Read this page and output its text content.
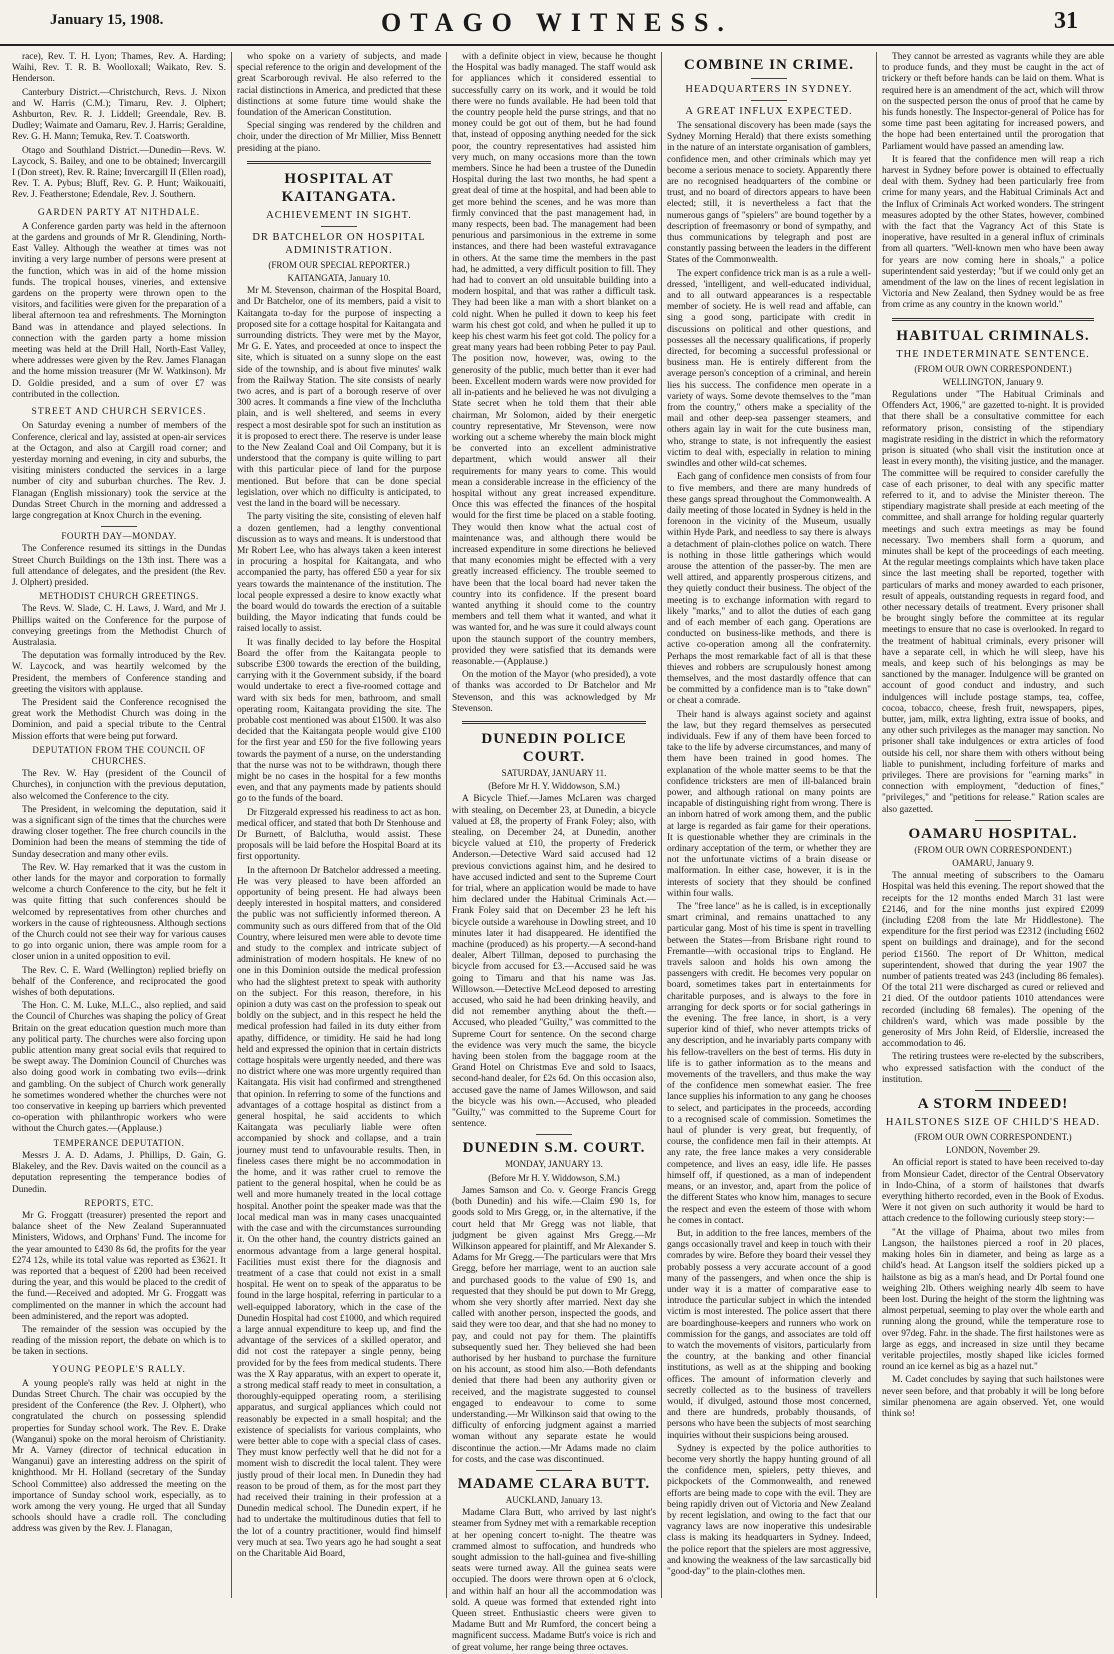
January 15, 1908.	OTAGO WITNESS.	31

race), Rev. T. H. Lyon; Thames, Rev. A. Harding; Waihi, Rev. T. R. B. Woolloxall; Waikato, Rev. S. Henderson.

Canterbury District.—Christchurch, Revs. J. Nixon and W. Harris (C.M.); Timaru, Rev. J. Olphert; Ashburton, Rev. R. J. Liddell; Greendale, Rev. B. Dudley; Waimate and Oamaru, Rev. J. Harris; Geraldine, Rev. G. H. Mann; Temuka, Rev. T. Coatsworth.

Otago and Southland District.—Dunedin—Revs. W. Laycock, S. Bailey, and one to be obtained; Invercargill I (Don street), Rev. R. Raine; Invercargill II (Ellen road), Rev. T. A. Pybus; Bluff, Rev. G. P. Hunt; Waikouaiti, Rev. J. Featherstone; Edendale, Rev. J. Southern.

GARDEN PARTY AT NITHDALE.

A Conference garden party was held in the afternoon at the gardens and grounds of Mr R. Glendining, North-East Valley. Although the weather at times was not inviting a very large number of persons were present at the function, which was in aid of the home mission funds. The tropical houses, vineries, and extensive gardens on the property were thrown open to the visitors, and facilities were given for the preparation of a liberal afternoon tea and refreshments. The Mornington Band was in attendance and played selections. In connection with the garden party a home mission meeting was held at the Drill Hall, North-East Valley, where addresses were given by the Rev. James Flanagan and the home mission treasurer (Mr W. Watkinson). Mr D. Goldie presided, and a sum of over £7 was contributed in the collection.

STREET AND CHURCH SERVICES.

On Saturday evening a number of members of the Conference, clerical and lay, assisted at open-air services at the Octagon, and also at Cargill road corner; and yesterday morning and evening, in city and suburbs, the visiting ministers conducted the services in a large number of city and suburban churches. The Rev. J. Flanagan (English missionary) took the service at the Dundas Street Church in the morning and addressed a large congregation at Knox Church in the evening.

FOURTH DAY—MONDAY.

The Conference resumed its sittings in the Dundas Street Church Buildings on the 13th inst. There was a full attendance of delegates, and the president (the Rev. J. Olphert) presided.

METHODIST CHURCH GREETINGS.

The Revs. W. Slade, C. H. Laws, J. Ward, and Mr J. Phillips waited on the Conference for the purpose of conveying greetings from the Methodist Church of Australasia.

The deputation was formally introduced by the Rev. W. Laycock, and was heartily welcomed by the President, the members of Conference standing and greeting the visitors with applause.

The President said the Conference recognised the great work the Methodist Church was doing in the Dominion, and paid a special tribute to the Central Mission efforts that were being put forward.

DEPUTATION FROM THE COUNCIL OF CHURCHES.

The Rev. W. Hay (president of the Council of Churches), in conjunction with the previous deputation, also welcomed the Conference to the city.

The President, in welcoming the deputation, said it was a significant sign of the times that the churches were drawing closer together. The free church councils in the Dominion had been the means of stemming the tide of Sunday desecration and many other evils.

The Rev. W. Hay remarked that it was the custom in other lands for the mayor and corporation to formally welcome a church Conference to the city, but he felt it was quite fitting that such conferences should be welcomed by representatives from other churches and workers in the cause of righteousness. Although sections of the Church could not see their way for various causes to go into organic union, there was ample room for a closer union in a united opposition to evil.

The Rev. C. E. Ward (Wellington) replied briefly on behalf of the Conference, and reciprocated the good wishes of both deputations.

The Hon. C. M. Luke, M.L.C., also replied, and said the Council of Churches was shaping the policy of Great Britain on the great education question much more than any political party. The churches were also forcing upon public attention many great social evils that required to be swept away. The Dominion Council of Churches was also doing good work in combating two evils—drink and gambling. On the subject of Church work generally he sometimes wondered whether the churches were not too conservative in keeping up barriers which prevented co-operation with philanthropic workers who were without the Church gates.—(Applause.)

TEMPERANCE DEPUTATION.

Messrs J. A. D. Adams, J. Phillips, D. Gain, G. Blakeley, and the Rev. Davis waited on the council as a deputation representing the temperance bodies of Dunedin.

REPORTS, ETC.

Mr G. Froggatt (treasurer) presented the report and balance sheet of the New Zealand Superannuated Ministers, Widows, and Orphans' Fund. The income for the year amounted to £430 8s 6d, the profits for the year £274 12s, while its total value was reported as £3621. It was reported that a bequest of £200 had been received during the year, and this would be placed to the credit of the fund.—Received and adopted. Mr G. Froggatt was complimented on the manner in which the account had been administered, and the report was adopted.

The remainder of the session was occupied by the reading of the mission report, the debate on which is to be taken in sections.

YOUNG PEOPLE'S RALLY.

A young people's rally was held at night in the Dundas Street Church. The chair was occupied by the president of the Conference (the Rev. J. Olphert), who congratulated the church on possessing splendid properties for Sunday school work. The Rev. E. Drake (Wanganui) spoke on the moral heroism of Christianity. Mr A. Varney (director of technical education in Wanganui) gave an interesting address on the spirit of knighthood. Mr H. Holland (secretary of the Sunday School Committee) also addressed the meeting on the importance of Sunday school work, especially, as to work among the very young. He urged that all Sunday schools should have a cradle roll. The concluding address was given by the Rev. J. Flanagan,

who spoke on a variety of subjects, and made special reference to the origin and development of the great Scarborough revival. He also referred to the racial distinctions in America, and predicted that these distinctions at some future time would shake the foundation of the American Constitution.

Special singing was rendered by the children and choir, under the direction of Mr Millier, Miss Bennett presiding at the piano.

HOSPITAL AT KAITANGATA.
ACHIEVEMENT IN SIGHT.
DR BATCHELOR ON HOSPITAL ADMINISTRATION.
(FROM OUR SPECIAL REPORTER.)
KAITANGATA, January 10.

Mr M. Stevenson, chairman of the Hospital Board, and Dr Batchelor, one of its members, paid a visit to Kaitangata to-day for the purpose of inspecting a proposed site for a cottage hospital for Kaitangata and surrounding districts. They were met by the Mayor, Mr G. E. Yates, and proceeded at once to inspect the site, which is situated on a sunny slope on the east side of the township, and is about five minutes' walk from the Railway Station. The site consists of nearly two acres, and is part of a borough reserve of over 300 acres. It commands a fine view of the Inchclutha plain, and is well sheltered, and seems in every respect a most desirable spot for such an institution as it is proposed to erect there. The reserve is under lease to the New Zealand Coal and Oil Company, but it is understood that the company is quite willing to part with this particular piece of land for the purpose mentioned. But before that can be done special legislation, over which no difficulty is anticipated, to vest the land in the board will be necessary.

The party visiting the site, consisting of eleven half a dozen gentlemen, had a lengthy conventional discussion as to ways and means. It is understood that Mr Robert Lee, who has always taken a keen interest in procuring a hospital for Kaitangata, and who accompanied the party, has offered £50 a year for six years towards the maintenance of the institution. The local people expressed a desire to know exactly what the board would do towards the erection of a suitable building, the Mayor indicating that funds could be raised locally to assist.

It was finally decided to lay before the Hospital Board the offer from the Kaitangata people to subscribe £300 towards the erection of the building, carrying with it the Government subsidy, if the board would undertake to erect a five-roomed cottage and ward with six beds for men, bathroom, and small operating room, Kaitangata providing the site. The probable cost mentioned was about £1500. It was also decided that the Kaitangata people would give £100 for the first year and £50 for the five following years towards the payment of a nurse, on the understanding that the nurse was not to be withdrawn, though there might be no cases in the hospital for a few months even, and that any payments made by patients should go to the funds of the board.

Dr Fitzgerald expressed his readiness to act as hon. medical officer, and stated that both Dr Stenhouse and Dr Burnett, of Balclutha, would assist. These proposals will be laid before the Hospital Board at its first opportunity.

In the afternoon Dr Batchelor addressed a meeting. He was very pleased to have been afforded an opportunity of being present. He had always been deeply interested in hospital matters, and considered the public was not sufficiently informed thereon. A community such as ours differed from that of the Old Country, where leisured men were able to devote time and study to the complex and intricate subject of administration of modern hospitals. He knew of no one in this Dominion outside the medical profession who had the slightest pretext to speak with authority on the subject. For this reason, therefore, in his opinion a duty was cast on the profession to speak out boldly on the subject, and in this respect he held the medical profession had failed in its duty either from apathy, diffidence, or timidity. He said he had long held and expressed the opinion that in certain districts cottage hospitals were urgently needed, and there was no district where one was more urgently required than Kaitangata. His visit had confirmed and strengthened that opinion. In referring to some of the functions and advantages of a cottage hospital as distinct from a general hospital, he said accidents to which Kaitangata was peculiarly liable were often accompanied by shock and collapse, and a train journey must tend to unfavourable results. Then, in fineless cases there might be no accommodation in the home, and it was rather cruel to remove the patient to the general hospital, when he could be as well and more humanely treated in the local cottage hospital. Another point the speaker made was that the local medical man was in many cases unacquainted with the case and with the circumstances surrounding it. On the other hand, the country districts gained an enormous advantage from a large general hospital. Facilities must exist there for the diagnosis and treatment of a case that could not exist in a small hospital. He went on to speak of the apparatus to be found in the large hospital, referring in particular to a well-equipped laboratory, which in the case of the Dunedin Hospital had cost £1000, and which required a large annual expenditure to keep up, and find the advantage of the services of a skilled operator, and did not cost the ratepayer a single penny, being provided for by the fees from medical students. There was the X Ray apparatus, with an expert to operate it, a strong medical staff ready to meet in consultation, a thoroughly-equipped operating room, a sterilising apparatus, and surgical appliances which could not reasonably be expected in a small hospital; and the existence of specialists for various complaints, who were better able to cope with a special class of cases. They must know perfectly well that he did not for a moment wish to discredit the local talent. They were justly proud of their local men. In Dunedin they had reason to be proud of them, as for the most part they had received their training in their profession at a Dunedin medical school. The Dunedin expert, if he had to undertake the multitudinous duties that fell to the lot of a country practitioner, would find himself very much at sea. Two years ago he had sought a seat on the Charitable Aid Board,

with a definite object in view, because he thought the Hospital was badly managed. The staff would ask for appliances which it considered essential to successfully carry on its work, and it would be told there were no funds available. He had been told that the country people held the purse strings, and that no money could be got out of them, but he had found that, instead of opposing anything needed for the sick poor, the country representatives had assisted him very much, on many occasions more than the town members. Since he had been a trustee of the Dunedin Hospital during the last two months, he had spent a great deal of time at the hospital, and had been able to get more behind the scenes, and he was more than firmly convinced that the past management had, in many respects, been bad. The management had been penurious and parsimonious in the extreme in some instances, and there had been wasteful extravagance in others. At the same time the members in the past had, he admitted, a very difficult position to fill. They had had to convert an old unsuitable building into a modern hospital, and that was rather a difficult task. They had been like a man with a short blanket on a cold night. When he pulled it down to keep his feet warm his chest got cold, and when he pulled it up to keep his chest warm his feet got cold. The policy for a great many years had been robbing Peter to pay Paul. The position now, however, was, owing to the generosity of the public, much better than it ever had been. Excellent modern wards were now provided for all in-patients and he believed he was not divulging a State secret when he told them that their able chairman, Mr Solomon, aided by their energetic country representative, Mr Stevenson, were now working out a scheme whereby the main block might be converted into an excellent administrative department, which would answer all their requirements for many years to come. This would mean a considerable increase in the efficiency of the hospital without any great increased expenditure. Once this was effected the finances of the hospital would for the first time be placed on a stable footing. They would then know what the actual cost of maintenance was, and although there would be increased expenditure in some directions he believed that many economies might be effected with a very greatly increased efficiency. The trouble seemed to have been that the local board had never taken the country into its confidence. If the present board wanted anything it should come to the country members and tell them what it wanted, and what it was wanted for, and he was sure it could always count upon the staunch support of the country members, provided they were satisfied that its demands were reasonable.—(Applause.)

On the motion of the Mayor (who presided), a vote of thanks was accorded to Dr Batchelor and Mr Stevenson, and this was acknowledged by Mr Stevenson.

DUNEDIN POLICE COURT.
SATURDAY, JANUARY 11.
(Before Mr H. Y. Widdowson, S.M.)

A Bicycle Thief.—James McLaren was charged with stealing, on December 23, at Dunedin, a bicycle valued at £8, the property of Frank Foley; also, with stealing, on December 24, at Dunedin, another bicycle valued at £10, the property of Frederick Anderson.—Detective Ward said accused had 12 previous convictions against him, and he desired to have accused indicted and sent to the Supreme Court for trial, where an application would be made to have him declared under the Habitual Criminals Act.—Frank Foley said that on December 23 he left his bicycle outside a warehouse in Dowling street, and 10 minutes later it had disappeared. He identified the machine (produced) as his property.—A second-hand dealer, Albert Tillman, deposed to purchasing the bicycle from accused for £3.—Accused said he was going to Timaru and that his name was Jas. Willowson.—Detective McLeod deposed to arresting accused, who said he had been drinking heavily, and did not remember anything about the theft.—Accused, who pleaded "Guilty," was committed to the Supreme Court for sentence. On the second charge the evidence was very much the same, the bicycle having been stolen from the baggage room at the Grand Hotel on Christmas Eve and sold to Isaacs, second-hand dealer, for £2s 6d. On this occasion also, accused gave the name of James Willowson, and said the bicycle was his own.—Accused, who pleaded "Guilty," was committed to the Supreme Court for sentence.

DUNEDIN S.M. COURT.
MONDAY, JANUARY 13.
(Before Mr H. Y. Widdowson, S.M.)

James Samson and Co. v. George Francis Gregg (both Dunedin) and his wife.—Claim £90 1s, for goods sold to Mrs Gregg, or, in the alternative, if the court held that Mr Gregg was not liable, that judgment be given against Mrs Gregg.—Mr Wilkinson appeared for plaintiff, and Mr Alexander S. Adams for Mr Gregg.—The particulars were that Mrs Gregg, before her marriage, went to an auction sale and purchased goods to the value of £90 1s, and requested that they should be put down to Mr Gregg, whom she very shortly after married. Next day she called with another person, inspected the goods, and said they were too dear, and that she had no money to pay, and could not pay for them. The plaintiffs subsequently sued her. They believed she had been authorised by her husband to purchase the furniture on his account, as stood him also.—Both defendants denied that there had been any authority given or received, and the magistrate suggested to counsel engaged to endeavour to come to some understanding.—Mr Wilkinson said that owing to the difficulty of enforcing judgment against a married woman without any separate estate he would discontinue the action.—Mr Adams made no claim for costs, and the case was discontinued.

MADAME CLARA BUTT.
AUCKLAND, January 13.

Madame Clara Butt, who arrived by last night's steamer from Sydney met with a remarkable reception at her opening concert to-night. The theatre was crammed almost to suffocation, and hundreds who sought admission to the hall-guinea and five-shilling seats were turned away. All the guinea seats were occupied. The doors were thrown open at 6 o'clock, and within half an hour all the accommodation was sold. A queue was formed that extended right into Queen street. Enthusiastic cheers were given to Madame Butt and Mr Rumford, the concert being a magnificent success. Madame Butt's voice is rich and of great volume, her range being three octaves.

COMBINE IN CRIME.
HEADQUARTERS IN SYDNEY.
A GREAT INFLUX EXPECTED.

The sensational discovery has been made (says the Sydney Morning Herald) that there exists something in the nature of an interstate organisation of gamblers, confidence men, and other criminals which may yet become a serious menace to society. Apparently there are no recognised headquarters of the combine or trust, and no board of directors appears to have been elected; still, it is nevertheless a fact that the numerous gangs of "spielers" are bound together by a description of freemasonry or bond of sympathy, and thus communications by telegraph and post are constantly passing between the leaders in the different States of the Commonwealth.

The expert confidence trick man is as a rule a well-dressed, 'intelligent, and well-educated individual, and to all outward appearances is a respectable member of society. He is well read and affable, can sing a good song, participate with credit in discussions on political and other questions, and possesses all the necessary qualifications, if properly directed, for becoming a successful professional or business man. He is entirely different from the average person's conception of a criminal, and herein lies his success. The confidence men operate in a variety of ways. Some devote themselves to the "man from the country," others make a speciality of the mail and other deep-sea passenger steamers, and others again lay in wait for the cute business man, who, strange to state, is not infrequently the easiest victim to deal with, especially in relation to mining swindles and other wild-cat schemes.

Each gang of confidence men consists of from four to five members, and there are many hundreds of these gangs spread throughout the Commonwealth. A daily meeting of those located in Sydney is held in the forenoon in the vicinity of the Museum, usually within Hyde Park, and needless to say there is always a detachment of plain-clothes police on watch. There is nothing in those little gatherings which would arouse the attention of the passer-by. The men are well attired, and apparently prosperous citizens, and they quietly conduct their business. The object of the meeting is to exchange information with regard to likely "marks," and to allot the duties of each gang and of each member of each gang. Operations are conducted on business-like methods, and there is active co-operation among all the confraternity. Perhaps the most remarkable fact of all is that these thieves and robbers are scrupulously honest among themselves, and the most dastardly offence that can be committed by a confidence man is to "take down" or cheat a comrade.

Their hand is always against society and against the law, but they regard themselves as persecuted individuals. Few if any of them have been forced to take to the life by adverse circumstances, and many of them have been trained in good homes. The explanation of the whole matter seems to be that the confidence tricksters are men of ill-balanced brain power, and although rational on many points are incapable of distinguishing right from wrong. There is an inborn hatred of work among them, and the public at large is regarded as fair game for their operations. It is questionable whether they are criminals in the ordinary acceptation of the term, or whether they are not the unfortunate victims of a brain disease or malformation. In either case, however, it is in the interests of society that they should be confined within four walls.

The "free lance" as he is called, is in exceptionally smart criminal, and remains unattached to any particular gang. Most of his time is spent in travelling between the States—from Brisbane right round to Fremantle—with occasional trips to England. He travels saloon and holds his own among the passengers with credit. He becomes very popular on board, sometimes takes part in entertainments for charitable purposes, and is always to the fore in arranging for deck sports or for social gatherings in the evening. The free lance, in short, is a very superior kind of thief, who never attempts tricks of any description, and he invariably parts company with his fellow-travellers on the best of terms. His duty in life is to gather information as to the means and movements of the travellers, and thus make the way of the confidence men somewhat easier. The free lance supplies his information to any gang he chooses to select, and participates in the proceeds, according to a recognised scale of commission. Sometimes the haul of plunder is very great, but frequently, of course, the confidence men fail in their attempts. At any rate, the free lance makes a very considerable competence, and lives an easy, idle life. He passes himself off, if questioned, as a man of independent means, or an investor, and, apart from the police of the different States who know him, manages to secure the respect and even the esteem of those with whom he comes in contact.

But, in addition to the free lances, members of the gangs occasionally travel and keep in touch with their comrades by wire. Before they board their vessel they probably possess a very accurate account of a good many of the passengers, and when once the ship is under way it is a matter of comparative ease to introduce the particular subject in which the intended victim is most interested. The police assert that there are boardinghouse-keepers and runners who work on commission for the gangs, and associates are told off to watch the movements of visitors, particularly from the country, at the banking and other financial institutions, as well as at the shipping and booking offices. The amount of information cleverly and secretly collected as to the business of travellers would, if divulged, astound those most concerned, and there are hundreds, probably thousands, of persons who have been the subjects of most searching inquiries without their suspicions being aroused.

Sydney is expected by the police authorities to become very shortly the happy hunting ground of all the confidence men, spielers, petty thieves, and pickpockets of the Commonwealth, and renewed efforts are being made to cope with the evil. They are being rapidly driven out of Victoria and New Zealand by recent legislation, and owing to the fact that our vagrancy laws are now inoperative this undesirable class is making its headquarters in Sydney. Indeed, the police report that the spielers are most aggressive, and knowing the weakness of the law sarcastically bid "good-day" to the plain-clothes men.

They cannot be arrested as vagrants while they are able to produce funds, and they must be caught in the act of trickery or theft before hands can be laid on them. What is required here is an amendment of the act, which will throw on the suspected person the onus of proof that he came by his funds honestly. The Inspector-general of Police has for some time past been agitating for increased powers, and the hope had been entertained until the prorogation that Parliament would have passed an amending law.

It is feared that the confidence men will reap a rich harvest in Sydney before power is obtained to effectually deal with them. Sydney had been particularly free from crime for many years, and the Habitual Criminals Act and the Influx of Criminals Act worked wonders. The stringent measures adopted by the other States, however, combined with the fact that the Vagrancy Act of this State is inoperative, have resulted in a general influx of criminals from all quarters. "Well-known men who have been away for years are now coming here in shoals," a police superintendent said yesterday; "but if we could only get an amendment of the law on the lines of recent legislation in Victoria and New Zealand, then Sydney would be as free from crime as any country in the known world."

HABITUAL CRIMINALS.
THE INDETERMINATE SENTENCE.
(FROM OUR OWN CORRESPONDENT.)
WELLINGTON, January 9.

Regulations under "The Habitual Criminals and Offenders Act, 1906," are gazetted to-night. It is provided that there shall be a consultative committee for each reformatory prison, consisting of the stipendiary magistrate residing in the district in which the reformatory prison is situated (who shall visit the institution once at least in every month), the visiting justice, and the manager. The committee will be required to consider carefully the case of each prisoner, to deal with any specific matter referred to it, and to advise the Minister thereon. The stipendiary magistrate shall preside at each meeting of the committee, and shall arrange for holding regular quarterly meetings and such extra meetings as may be found necessary. Two members shall form a quorum, and minutes shall be kept of the proceedings of each meeting. At the regular meetings complaints which have taken place since the last meeting shall be reported, together with particulars of marks and money awarded to each prisoner, result of appeals, outstanding requests in regard food, and other necessary details of treatment. Every prisoner shall be brought singly before the committee at its regular meetings to ensure that no case is overlooked. In regard to the treatment of habitual criminals, every prisoner will have a separate cell, in which he will sleep, have his meals, and keep such of his belongings as may be sanctioned by the manager. Indulgence will be granted on account of good conduct and industry, and such indulgences will include postage stamps, tea, coffee, cocoa, tobacco, cheese, fresh fruit, newspapers, pipes, butter, jam, milk, extra lighting, extra issue of books, and any other such privileges as the manager may sanction. No prisoner shall take indulgences or extra articles of food outside his cell, nor share them with others without being liable to punishment, including forfeiture of marks and privileges. There are provisions for "earning marks" in connection with employment, "deduction of fines," "privileges," and "petitions for release." Ration scales are also gazetted.

OAMARU HOSPITAL.
(FROM OUR OWN CORRESPONDENT.)
OAMARU, January 9.

The annual meeting of subscribers to the Oamaru Hospital was held this evening. The report showed that the receipts for the 12 months ended March 31 last were £2146, and for the nine months just expired £2099 (including £208 from the late Mr Hiddlestone). The expenditure for the first period was £2312 (including £602 spent on buildings and drainage), and for the second period £1560. The report of Dr Whitton, medical superintendent, showed that during the year 1907 the number of patients treated was 243 (including 86 females). Of the total 211 were discharged as cured or relieved and 21 died. Of the outdoor patients 1010 attendances were recorded (including 68 females). The opening of the children's ward, which was made possible by the generosity of Mrs John Reid, of Elderslie, increased the accommodation to 46.

The retiring trustees were re-elected by the subscribers, who expressed satisfaction with the conduct of the institution.

A STORM INDEED!
HAILSTONES SIZE OF CHILD'S HEAD.
(FROM OUR OWN CORRESPONDENT.)
LONDON, November 29.

An official report is stated to have been received to-day from Monsieur Cadet, director of the Central Observatory in Indo-China, of a storm of hailstones that dwarfs everything hitherto recorded, even in the Book of Exodus. Were it not given on such authority it would be hard to attach credence to the following curiously steep story:—

"At the village of Phaima, about two miles from Langson, the hailstones pierced a roof in 20 places, making holes 6in in diameter, and being as large as a child's head. At Langson itself the soldiers picked up a hailstone as big as a man's head, and Dr Portal found one weighing 2lb. Others weighing nearly 4lb seem to have been lost. During the height of the storm the lightning was almost perpetual, seeming to play over the whole earth and running along the ground, while the temperature rose to over 97deg. Fahr. in the shade. The first hailstones were as large as eggs, and increased in size until they became veritable projectiles, mostly shaped like icicles formed round an ice kernel as big as a hazel nut."

M. Cadet concludes by saying that such hailstones were never seen before, and that probably it will be long before similar phenomena are again observed. Yet, one would think so!
